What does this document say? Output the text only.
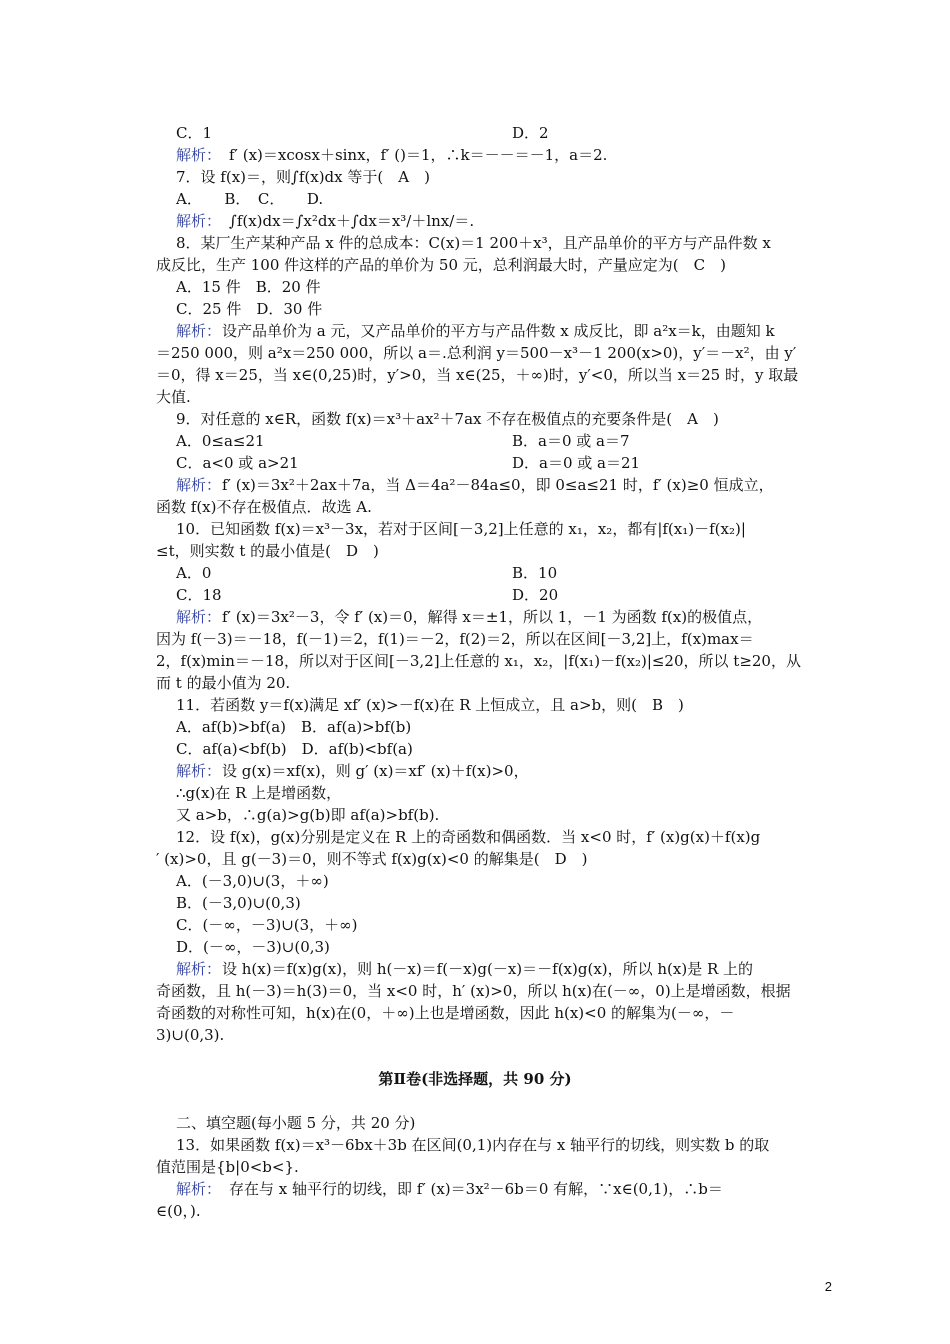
C．1	D．2
解析： f′ (x)＝xcosx＋sinx，f′ ()＝1，∴k＝－－＝－1，a＝2.
7．设 f(x)＝，则∫f(x)dx 等于(　A　)
A．　　B．　C．　　D.
解析： ∫f(x)dx＝∫x²dx＋∫dx＝x³/＋lnx/＝.
8．某厂生产某种产品 x 件的总成本：C(x)＝1 200＋x³，且产品单价的平方与产品件数 x
成反比，生产 100 件这样的产品的单价为 50 元，总利润最大时，产量应定为(　C　)
A．15 件　B．20 件
C．25 件　D．30 件
解析： 设产品单价为 a 元，又产品单价的平方与产品件数 x 成反比，即 a²x＝k，由题知 k
＝250 000，则 a²x＝250 000，所以 a＝.总利润 y＝500－x³－1 200(x>0)，y′＝－x²，由 y′
＝0，得 x＝25，当 x∈(0,25)时，y′>0，当 x∈(25，＋∞)时，y′<0，所以当 x＝25 时，y 取最
大值.
9．对任意的 x∈R，函数 f(x)＝x³＋ax²＋7ax 不存在极值点的充要条件是(　A　)
A．0≤a≤21	B．a＝0 或 a＝7
C．a<0 或 a>21	D．a＝0 或 a＝21
解析： f′ (x)＝3x²＋2ax＋7a，当 Δ＝4a²－84a≤0，即 0≤a≤21 时，f′ (x)≥0 恒成立，
函数 f(x)不存在极值点．故选 A.
10．已知函数 f(x)＝x³－3x，若对于区间[－3,2]上任意的 x₁，x₂，都有|f(x₁)－f(x₂)|
≤t，则实数 t 的最小值是(　D　)
A．0	B．10
C．18	D．20
解析： f′ (x)＝3x²－3，令 f′ (x)＝0，解得 x＝±1，所以 1，－1 为函数 f(x)的极值点，
因为 f(－3)＝－18，f(－1)＝2，f(1)＝－2，f(2)＝2，所以在区间[－3,2]上，f(x)max＝
2，f(x)min＝－18，所以对于区间[－3,2]上任意的 x₁，x₂，|f(x₁)－f(x₂)|≤20，所以 t≥20，从
而 t 的最小值为 20.
11．若函数 y＝f(x)满足 xf′ (x)>－f(x)在 R 上恒成立，且 a>b，则(　B　)
A．af(b)>bf(a)　B．af(a)>bf(b)
C．af(a)<bf(b)　D．af(b)<bf(a)
解析： 设 g(x)＝xf(x)，则 g′ (x)＝xf′ (x)＋f(x)>0，
∴g(x)在 R 上是增函数，
又 a>b，∴g(a)>g(b)即 af(a)>bf(b).
12．设 f(x)，g(x)分别是定义在 R 上的奇函数和偶函数．当 x<0 时，f′ (x)g(x)＋f(x)g
′ (x)>0，且 g(－3)＝0，则不等式 f(x)g(x)<0 的解集是(　D　)
A．(－3,0)∪(3，＋∞)
B．(－3,0)∪(0,3)
C．(－∞，－3)∪(3，＋∞)
D．(－∞，－3)∪(0,3)
解析： 设 h(x)＝f(x)g(x)，则 h(－x)＝f(－x)g(－x)＝－f(x)g(x)，所以 h(x)是 R 上的
奇函数，且 h(－3)＝h(3)＝0，当 x<0 时，h′ (x)>0，所以 h(x)在(－∞，0)上是增函数，根据
奇函数的对称性可知，h(x)在(0，＋∞)上也是增函数，因此 h(x)<0 的解集为(－∞，－
3)∪(0,3).
二、填空题(每小题 5 分，共 20 分)
13．如果函数 f(x)＝x³－6bx＋3b 在区间(0,1)内存在与 x 轴平行的切线，则实数 b 的取
值范围是{b|0<b<}.
解析： 存在与 x 轴平行的切线，即 f′ (x)＝3x²－6b＝0 有解，∵x∈(0,1)，∴b＝
∈(0，).
第Ⅱ卷(非选择题，共 90 分)
2
